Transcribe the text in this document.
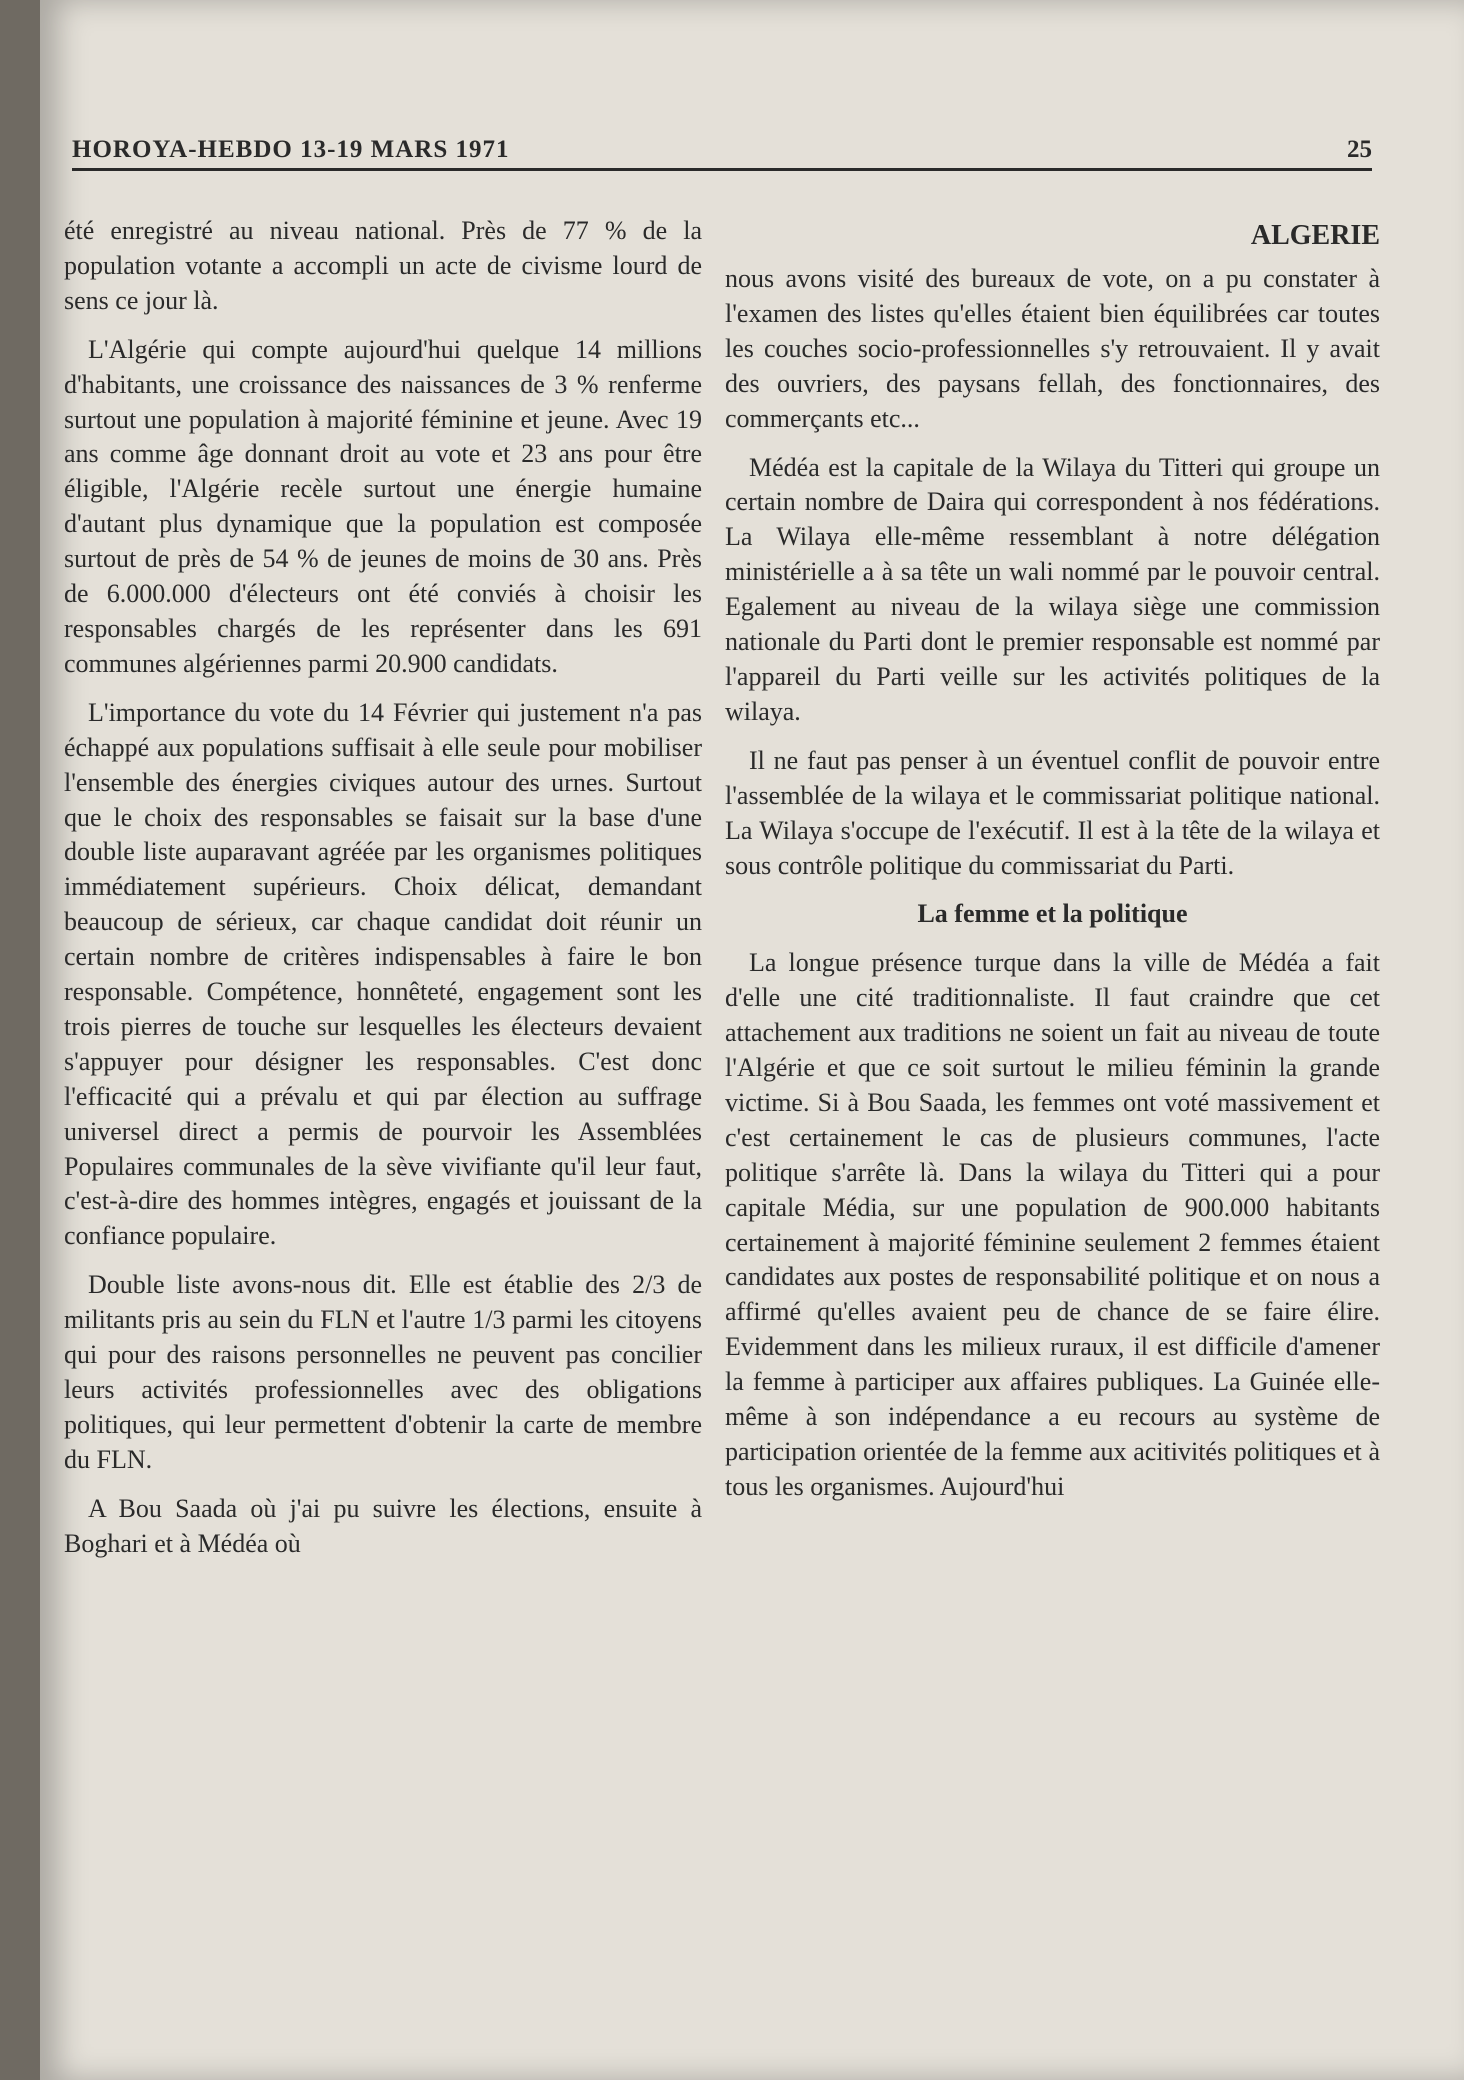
HOROYA-HEBDO 13-19 MARS 1971	25
ALGERIE

été enregistré au niveau national. Près de 77 % de la population votante a accompli un acte de civisme lourd de sens ce jour là.

L'Algérie qui compte aujourd'hui quelque 14 millions d'habitants, une croissance des naissances de 3 % renferme surtout une population à majorité féminine et jeune. Avec 19 ans comme âge donnant droit au vote et 23 ans pour être éligible, l'Algérie recèle surtout une énergie humaine d'autant plus dynamique que la population est composée surtout de près de 54 % de jeunes de moins de 30 ans. Près de 6.000.000 d'électeurs ont été conviés à choisir les responsables chargés de les représenter dans les 691 communes algériennes parmi 20.900 candidats.

L'importance du vote du 14 Février qui justement n'a pas échappé aux populations suffisait à elle seule pour mobiliser l'ensemble des énergies civiques autour des urnes. Surtout que le choix des responsables se faisait sur la base d'une double liste auparavant agréée par les organismes politiques immédiatement supérieurs. Choix délicat, demandant beaucoup de sérieux, car chaque candidat doit réunir un certain nombre de critères indispensables à faire le bon responsable. Compétence, honnêteté, engagement sont les trois pierres de touche sur lesquelles les électeurs devaient s'appuyer pour désigner les responsables. C'est donc l'efficacité qui a prévalu et qui par élection au suffrage universel direct a permis de pourvoir les Assemblées Populaires communales de la sève vivifiante qu'il leur faut, c'est-à-dire des hommes intègres, engagés et jouissant de la confiance populaire.

Double liste avons-nous dit. Elle est établie des 2/3 de militants pris au sein du FLN et l'autre 1/3 parmi les citoyens qui pour des raisons personnelles ne peuvent pas concilier leurs activités professionnelles avec des obligations politiques, qui leur permettent d'obtenir la carte de membre du FLN.

A Bou Saada où j'ai pu suivre les élections, ensuite à Boghari et à Médéa où

nous avons visité des bureaux de vote, on a pu constater à l'examen des listes qu'elles étaient bien équilibrées car toutes les couches socio-professionnelles s'y retrouvaient. Il y avait des ouvriers, des paysans fellah, des fonctionnaires, des commerçants etc...

Médéa est la capitale de la Wilaya du Titteri qui groupe un certain nombre de Daira qui correspondent à nos fédérations. La Wilaya elle-même ressemblant à notre délégation ministérielle a à sa tête un wali nommé par le pouvoir central. Egalement au niveau de la wilaya siège une commission nationale du Parti dont le premier responsable est nommé par l'appareil du Parti veille sur les activités politiques de la wilaya.

Il ne faut pas penser à un éventuel conflit de pouvoir entre l'assemblée de la wilaya et le commissariat politique national. La Wilaya s'occupe de l'exécutif. Il est à la tête de la wilaya et sous contrôle politique du commissariat du Parti.

La femme et la politique

La longue présence turque dans la ville de Médéa a fait d'elle une cité traditionnaliste. Il faut craindre que cet attachement aux traditions ne soient un fait au niveau de toute l'Algérie et que ce soit surtout le milieu féminin la grande victime. Si à Bou Saada, les femmes ont voté massivement et c'est certainement le cas de plusieurs communes, l'acte politique s'arrête là. Dans la wilaya du Titteri qui a pour capitale Média, sur une population de 900.000 habitants certainement à majorité féminine seulement 2 femmes étaient candidates aux postes de responsabilité politique et on nous a affirmé qu'elles avaient peu de chance de se faire élire. Evidemment dans les milieux ruraux, il est difficile d'amener la femme à participer aux affaires publiques. La Guinée elle-même à son indépendance a eu recours au système de participation orientée de la femme aux acitivités politiques et à tous les organismes. Aujourd'hui
